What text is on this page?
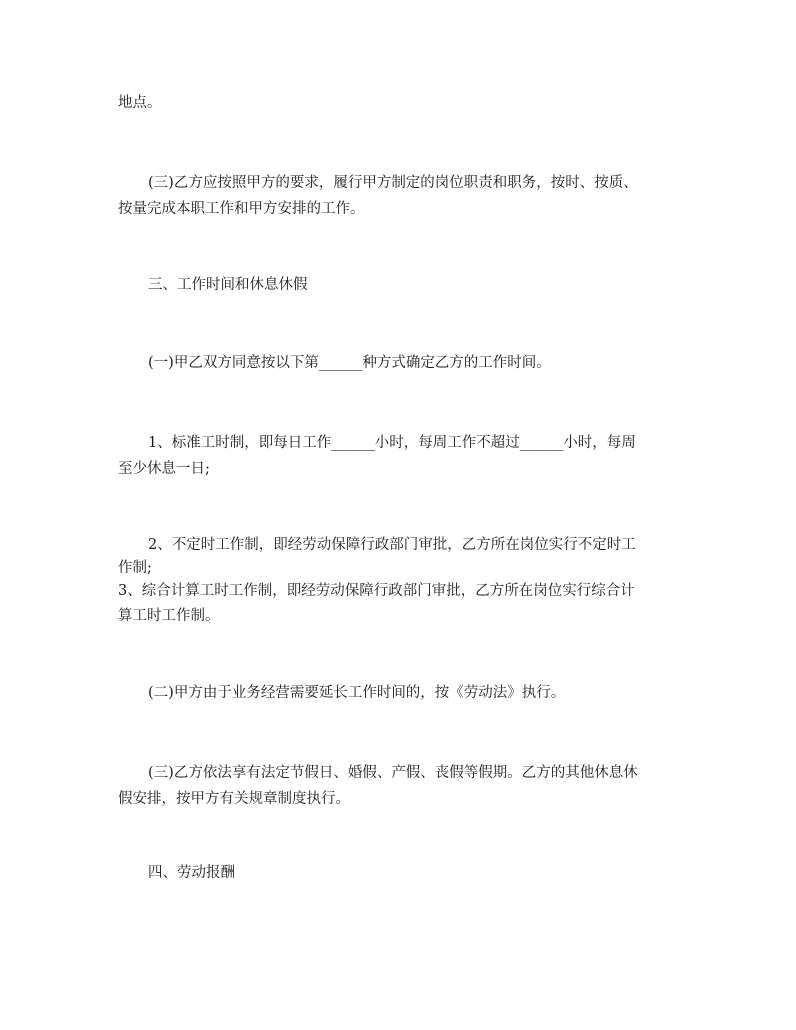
地点。

(三)乙方应按照甲方的要求，履行甲方制定的岗位职责和职务，按时、按质、

按量完成本职工作和甲方安排的工作。

三、工作时间和休息休假

(一)甲乙双方同意按以下第______种方式确定乙方的工作时间。

1、标准工时制，即每日工作______小时，每周工作不超过______小时，每周

至少休息一日;

2、不定时工作制，即经劳动保障行政部门审批，乙方所在岗位实行不定时工

作制;

3、综合计算工时工作制，即经劳动保障行政部门审批，乙方所在岗位实行综合计

算工时工作制。

(二)甲方由于业务经营需要延长工作时间的，按《劳动法》执行。

(三)乙方依法享有法定节假日、婚假、产假、丧假等假期。乙方的其他休息休

假安排，按甲方有关规章制度执行。

四、劳动报酬
